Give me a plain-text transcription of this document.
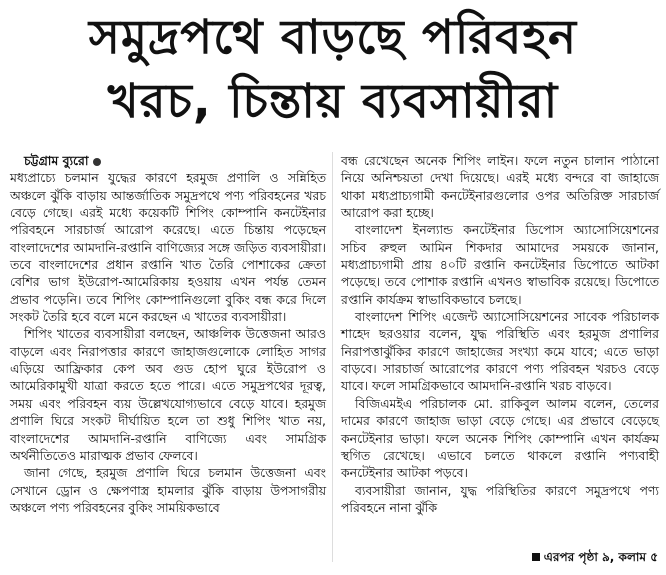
সমুদ্রপথে বাড়ছে পরিবহন
খরচ, চিন্তায় ব্যবসায়ীরা

চট্টগ্রাম ব্যুরো

মধ্যপ্রাচ্যে চলমান যুদ্ধের কারণে হরমুজ প্রণালি ও সন্নিহিত অঞ্চলে ঝুঁকি বাড়ায় আন্তর্জাতিক সমুদ্রপথে পণ্য পরিবহনের খরচ বেড়ে গেছে। এরই মধ্যে কয়েকটি শিপিং কোম্পানি কনটেইনার পরিবহনে সারচার্জ আরোপ করেছে। এতে চিন্তায় পড়েছেন বাংলাদেশের আমদানি-রপ্তানি বাণিজ্যের সঙ্গে জড়িত ব্যবসায়ীরা। তবে বাংলাদেশের প্রধান রপ্তানি খাত তৈরি পোশাকের ক্রেতা বেশির ভাগ ইউরোপ-আমেরিকায় হওয়ায় এখন পর্যন্ত তেমন প্রভাব পড়েনি। তবে শিপিং কোম্পানিগুলো বুকিং বন্ধ করে দিলে সংকট তৈরি হবে বলে মনে করছেন এ খাতের ব্যবসায়ীরা।

শিপিং খাতের ব্যবসায়ীরা বলছেন, আঞ্চলিক উত্তেজনা আরও বাড়লে এবং নিরাপত্তার কারণে জাহাজগুলোকে লোহিত সাগর এড়িয়ে আফ্রিকার কেপ অব গুড হোপ ঘুরে ইউরোপ ও আমেরিকামুখী যাত্রা করতে হতে পারে। এতে সমুদ্রপথের দূরত্ব, সময় এবং পরিবহন ব্যয় উল্লেখযোগ্যভাবে বেড়ে যাবে। হরমুজ প্রণালি ঘিরে সংকট দীর্ঘায়িত হলে তা শুধু শিপিং খাত নয়, বাংলাদেশের আমদানি-রপ্তানি বাণিজ্যে এবং সামগ্রিক অর্থনীতিতেও মারাত্মক প্রভাব ফেলবে।

জানা গেছে, হরমুজ প্রণালি ঘিরে চলমান উত্তেজনা এবং সেখানে ড্রোন ও ক্ষেপণাস্ত্র হামলার ঝুঁকি বাড়ায় উপসাগরীয় অঞ্চলে পণ্য পরিবহনের বুকিং সাময়িকভাবে

বন্ধ রেখেছেন অনেক শিপিং লাইন। ফলে নতুন চালান পাঠানো নিয়ে অনিশ্চয়তা দেখা দিয়েছে। এরই মধ্যে বন্দরে বা জাহাজে থাকা মধ্যপ্রাচ্যগামী কনটেইনারগুলোর ওপর অতিরিক্ত সারচার্জ আরোপ করা হচ্ছে।

বাংলাদেশ ইনল্যান্ড কনটেইনার ডিপোস অ্যাসোসিয়েশনের সচিব রুহুল আমিন শিকদার আমাদের সময়কে জানান, মধ্যপ্রাচ্যগামী প্রায় ৪০টি রপ্তানি কনটেইনার ডিপোতে আটকা পড়েছে। তবে পোশাক রপ্তানি এখনও স্বাভাবিক রয়েছে। ডিপোতে রপ্তানি কার্যক্রম স্বাভাবিকভাবে চলছে।

বাংলাদেশ শিপিং এজেন্ট অ্যাসোসিয়েশনের সাবেক পরিচালক শাহেদ ছরওয়ার বলেন, যুদ্ধ পরিস্থিতি এবং হরমুজ প্রণালির নিরাপত্তাঝুঁকির কারণে জাহাজের সংখ্যা কমে যাবে; এতে ভাড়া বাড়বে। সারচার্জ আরোপের কারণে পণ্য পরিবহন খরচও বেড়ে যাবে। ফলে সামগ্রিকভাবে আমদানি-রপ্তানি খরচ বাড়বে।

বিজিএমইএ পরিচালক মো. রাকিবুল আলম বলেন, তেলের দামের কারণে জাহাজ ভাড়া বেড়ে গেছে। এর প্রভাবে বেড়েছে কনটেইনার ভাড়া। ফলে অনেক শিপিং কোম্পানি এখন কার্যক্রম স্থগিত রেখেছে। এভাবে চলতে থাকলে রপ্তানি পণ্যবাহী কনটেইনার আটকা পড়বে।

ব্যবসায়ীরা জানান, যুদ্ধ পরিস্থিতির কারণে সমুদ্রপথে পণ্য পরিবহনে নানা ঝুঁকি

এরপর পৃষ্ঠা ৯, কলাম ৫
